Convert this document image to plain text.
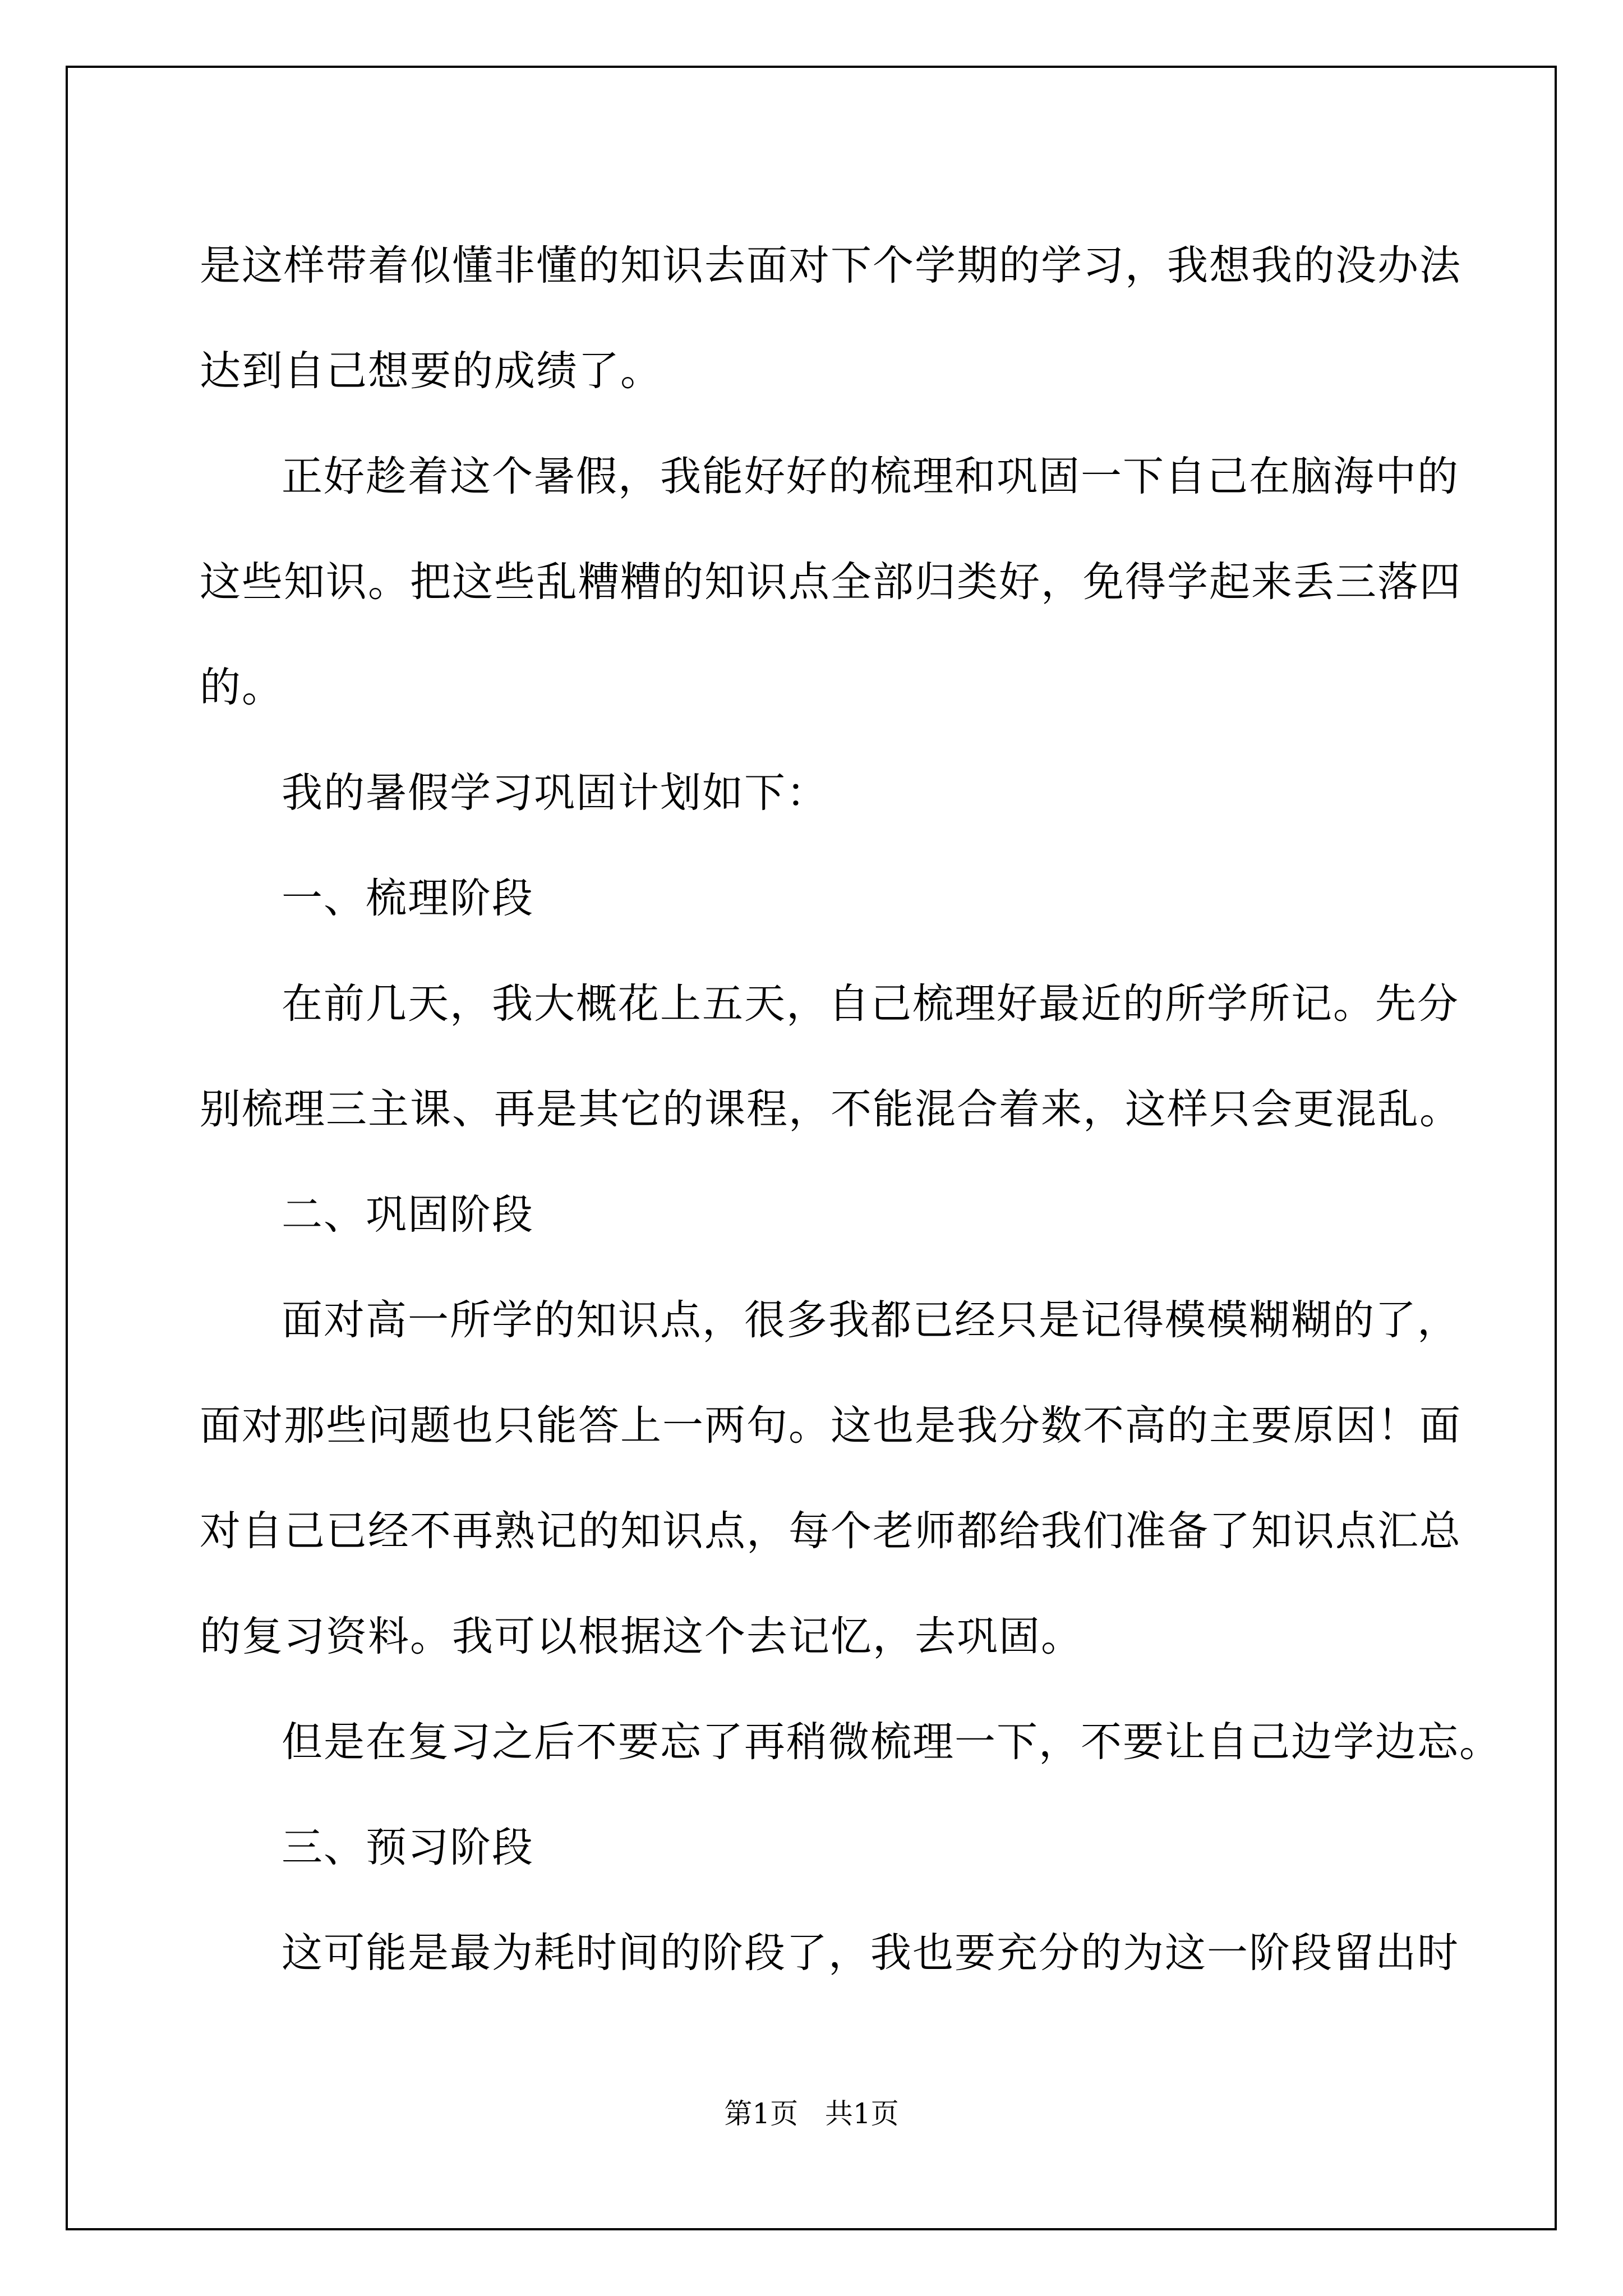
是这样带着似懂非懂的知识去面对下个学期的学习，我想我的没办法
达到自己想要的成绩了。
正好趁着这个暑假，我能好好的梳理和巩固一下自己在脑海中的
这些知识。把这些乱糟糟的知识点全部归类好，免得学起来丢三落四
的。
我的暑假学习巩固计划如下：
一、梳理阶段
在前几天，我大概花上五天，自己梳理好最近的所学所记。先分
别梳理三主课、再是其它的课程，不能混合着来，这样只会更混乱。
二、巩固阶段
面对高一所学的知识点，很多我都已经只是记得模模糊糊的了，
面对那些问题也只能答上一两句。这也是我分数不高的主要原因！面
对自己已经不再熟记的知识点，每个老师都给我们准备了知识点汇总
的复习资料。我可以根据这个去记忆，去巩固。
但是在复习之后不要忘了再稍微梳理一下，不要让自己边学边忘。
三、预习阶段
这可能是最为耗时间的阶段了，我也要充分的为这一阶段留出时
第1页 共1页
